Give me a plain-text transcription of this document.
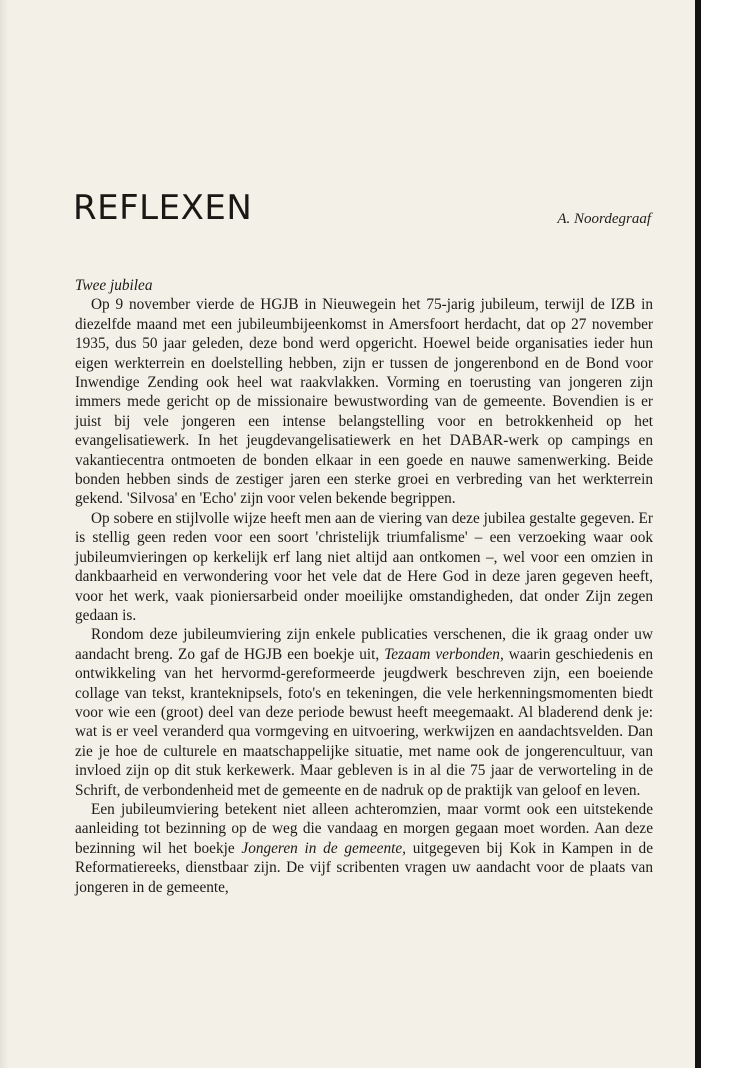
REFLEXEN	A. Noordegraaf
Twee jubilea

Op 9 november vierde de HGJB in Nieuwegein het 75-jarig jubileum, terwijl de IZB in diezelfde maand met een jubileumbijeenkomst in Amersfoort herdacht, dat op 27 november 1935, dus 50 jaar geleden, deze bond werd opgericht. Hoewel beide organisaties ieder hun eigen werkterrein en doelstelling hebben, zijn er tussen de jongerenbond en de Bond voor Inwendige Zending ook heel wat raakvlakken. Vorming en toerusting van jongeren zijn immers mede gericht op de missionaire bewustwording van de gemeente. Bovendien is er juist bij vele jongeren een intense belangstelling voor en betrokkenheid op het evangelisatiewerk. In het jeugdevangelisatiewerk en het DABAR-werk op campings en vakantiecentra ontmoeten de bonden elkaar in een goede en nauwe samenwerking. Beide bonden hebben sinds de zestiger jaren een sterke groei en verbreding van het werkterrein gekend. 'Silvosa' en 'Echo' zijn voor velen bekende begrippen.

Op sobere en stijlvolle wijze heeft men aan de viering van deze jubilea gestalte gegeven. Er is stellig geen reden voor een soort 'christelijk triumfalisme' – een verzoeking waar ook jubileumvieringen op kerkelijk erf lang niet altijd aan ontkomen –, wel voor een omzien in dankbaarheid en verwondering voor het vele dat de Here God in deze jaren gegeven heeft, voor het werk, vaak pioniersarbeid onder moeilijke omstandigheden, dat onder Zijn zegen gedaan is.

Rondom deze jubileumviering zijn enkele publicaties verschenen, die ik graag onder uw aandacht breng. Zo gaf de HGJB een boekje uit, Tezaam verbonden, waarin geschiedenis en ontwikkeling van het hervormd-gereformeerde jeugdwerk beschreven zijn, een boeiende collage van tekst, kranteknipsels, foto's en tekeningen, die vele herkenningsmomenten biedt voor wie een (groot) deel van deze periode bewust heeft meegemaakt. Al bladerend denk je: wat is er veel veranderd qua vormgeving en uitvoering, werkwijzen en aandachtsvelden. Dan zie je hoe de culturele en maatschappelijke situatie, met name ook de jongerencultuur, van invloed zijn op dit stuk kerkewerk. Maar gebleven is in al die 75 jaar de verworteling in de Schrift, de verbondenheid met de gemeente en de nadruk op de praktijk van geloof en leven.

Een jubileumviering betekent niet alleen achteromzien, maar vormt ook een uitstekende aanleiding tot bezinning op de weg die vandaag en morgen gegaan moet worden. Aan deze bezinning wil het boekje Jongeren in de gemeente, uitgegeven bij Kok in Kampen in de Reformatiereeks, dienstbaar zijn. De vijf scribenten vragen uw aandacht voor de plaats van jongeren in de gemeente,
